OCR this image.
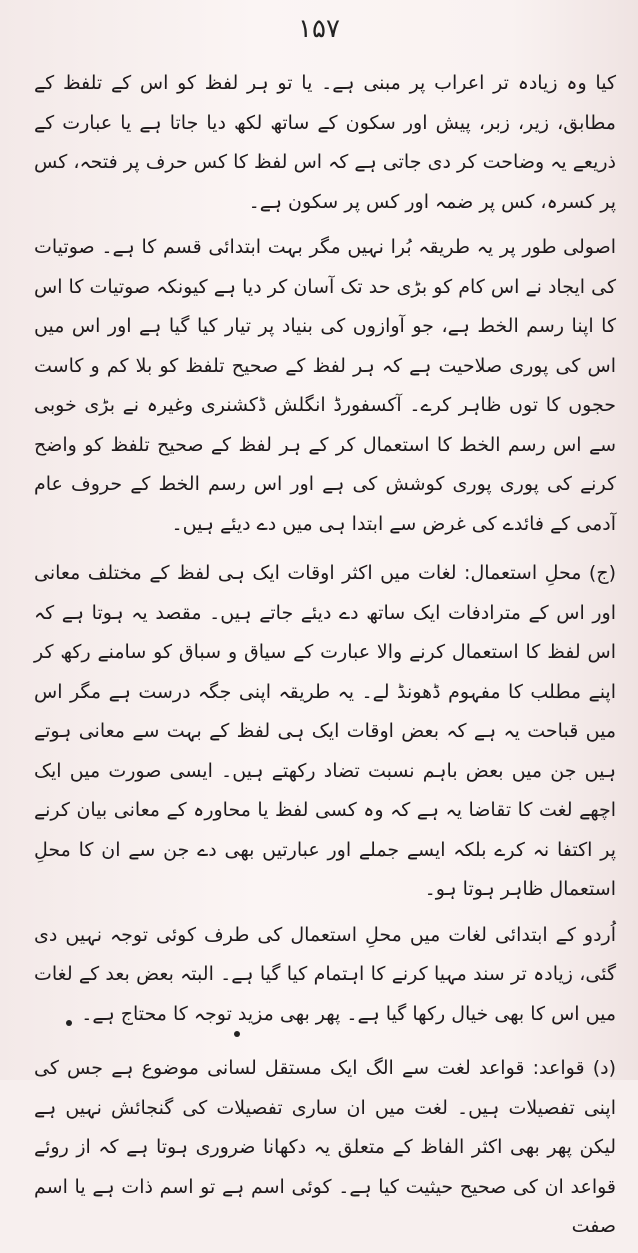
۱۵۷

کیا وہ زیادہ تر اعراب پر مبنی ہے۔ یا تو ہر لفظ کو اس کے تلفظ کے مطابق، زیر، زبر، پیش اور سکون کے ساتھ لکھ دیا جاتا ہے یا عبارت کے ذریعے یہ وضاحت کر دی جاتی ہے کہ اس لفظ کا کس حرف پر فتحہ، کس پر کسرہ، کس پر ضمہ اور کس پر سکون ہے۔

اصولی طور پر یہ طریقہ بُرا نہیں مگر بہت ابتدائی قسم کا ہے۔ صوتیات کی ایجاد نے اس کام کو بڑی حد تک آسان کر دیا ہے کیونکہ صوتیات کا اس کا اپنا رسم الخط ہے، جو آوازوں کی بنیاد پر تیار کیا گیا ہے اور اس میں اس کی پوری صلاحیت ہے کہ ہر لفظ کے صحیح تلفظ کو بلا کم و کاست حجوں کا توں ظاہر کرے۔ آکسفورڈ انگلش ڈکشنری وغیرہ نے بڑی خوبی سے اس رسم الخط کا استعمال کر کے ہر لفظ کے صحیح تلفظ کو واضح کرنے کی پوری پوری کوشش کی ہے اور اس رسم الخط کے حروف عام آدمی کے فائدے کی غرض سے ابتدا ہی میں دے دیئے ہیں۔

(ج) محلِ استعمال: لغات میں اکثر اوقات ایک ہی لفظ کے مختلف معانی اور اس کے مترادفات ایک ساتھ دے دیئے جاتے ہیں۔ مقصد یہ ہوتا ہے کہ اس لفظ کا استعمال کرنے والا عبارت کے سیاق و سباق کو سامنے رکھ کر اپنے مطلب کا مفہوم ڈھونڈ لے۔ یہ طریقہ اپنی جگہ درست ہے مگر اس میں قباحت یہ ہے کہ بعض اوقات ایک ہی لفظ کے بہت سے معانی ہوتے ہیں جن میں بعض باہم نسبت تضاد رکھتے ہیں۔ ایسی صورت میں ایک اچھے لغت کا تقاضا یہ ہے کہ وہ کسی لفظ یا محاورہ کے معانی بیان کرنے پر اکتفا نہ کرے بلکہ ایسے جملے اور عبارتیں بھی دے جن سے ان کا محلِ استعمال ظاہر ہوتا ہو۔

اُردو کے ابتدائی لغات میں محلِ استعمال کی طرف کوئی توجہ نہیں دی گئی، زیادہ تر سند مہیا کرنے کا اہتمام کیا گیا ہے۔ البتہ بعض بعد کے لغات میں اس کا بھی خیال رکھا گیا ہے۔ پھر بھی مزید توجہ کا محتاج ہے۔

(د) قواعد: قواعد لغت سے الگ ایک مستقل لسانی موضوع ہے جس کی اپنی تفصیلات ہیں۔ لغت میں ان ساری تفصیلات کی گنجائش نہیں ہے لیکن پھر بھی اکثر الفاظ کے متعلق یہ دکھانا ضروری ہوتا ہے کہ از روئے قواعد ان کی صحیح حیثیت کیا ہے۔ کوئی اسم ہے تو اسم ذات ہے یا اسم صفت
